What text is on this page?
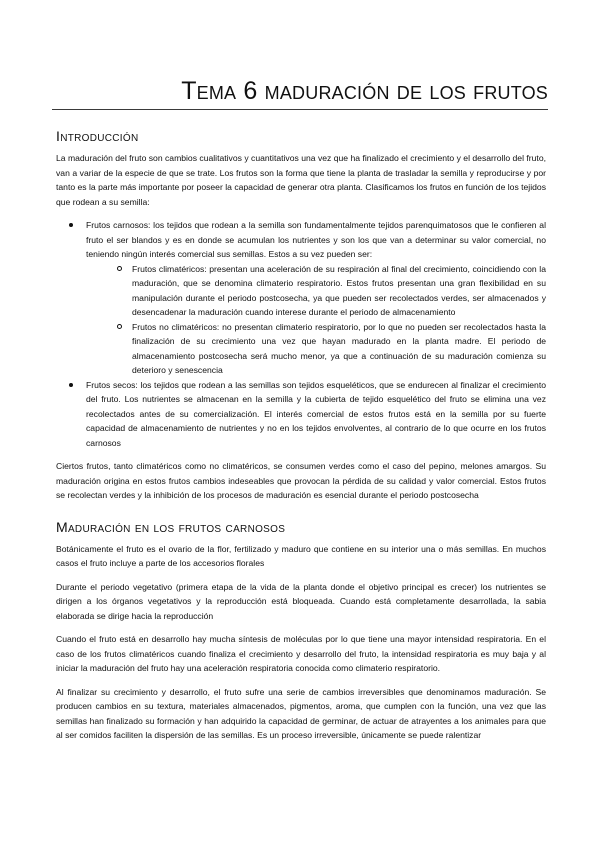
Tema 6 maduración de los frutos
Introducción

La maduración del fruto son cambios cualitativos y cuantitativos una vez que ha finalizado el crecimiento y el desarrollo del fruto, van a variar de la especie de que se trate. Los frutos son la forma que tiene la planta de trasladar la semilla y reproducirse y por tanto es la parte más importante por poseer la capacidad de generar otra planta. Clasificamos los frutos en función de los tejidos que rodean a su semilla:

Frutos carnosos: los tejidos que rodean a la semilla son fundamentalmente tejidos parenquimatosos que le confieren al fruto el ser blandos y es en donde se acumulan los nutrientes y son los que van a determinar su valor comercial, no teniendo ningún interés comercial sus semillas. Estos a su vez pueden ser:
Frutos climatéricos: presentan una aceleración de su respiración al final del crecimiento, coincidiendo con la maduración, que se denomina climaterio respiratorio. Estos frutos presentan una gran flexibilidad en su manipulación durante el periodo postcosecha, ya que pueden ser recolectados verdes, ser almacenados y desencadenar la maduración cuando interese durante el periodo de almacenamiento
Frutos no climatéricos: no presentan climaterio respiratorio, por lo que no pueden ser recolectados hasta la finalización de su crecimiento una vez que hayan madurado en la planta madre. El periodo de almacenamiento postcosecha será mucho menor, ya que a continuación de su maduración comienza su deterioro y senescencia
Frutos secos: los tejidos que rodean a las semillas son tejidos esqueléticos, que se endurecen al finalizar el crecimiento del fruto. Los nutrientes se almacenan en la semilla y la cubierta de tejido esquelético del fruto se elimina una vez recolectados antes de su comercialización. El interés comercial de estos frutos está en la semilla por su fuerte capacidad de almacenamiento de nutrientes y no en los tejidos envolventes, al contrario de lo que ocurre en los frutos carnosos

Ciertos frutos, tanto climatéricos como no climatéricos, se consumen verdes como el caso del pepino, melones amargos. Su maduración origina en estos frutos cambios indeseables que provocan la pérdida de su calidad y valor comercial. Estos frutos se recolectan verdes y la inhibición de los procesos de maduración es esencial durante el periodo postcosecha

Maduración en los frutos carnosos

Botánicamente el fruto es el ovario de la flor, fertilizado y maduro que contiene en su interior una o más semillas. En muchos casos el fruto incluye a parte de los accesorios florales

Durante el periodo vegetativo (primera etapa de la vida de la planta donde el objetivo principal es crecer) los nutrientes se dirigen a los órganos vegetativos y la reproducción está bloqueada. Cuando está completamente desarrollada, la sabia elaborada se dirige hacia la reproducción

Cuando el fruto está en desarrollo hay mucha síntesis de moléculas por lo que tiene una mayor intensidad respiratoria. En el caso de los frutos climatéricos cuando finaliza el crecimiento y desarrollo del fruto, la intensidad respiratoria es muy baja y al iniciar la maduración del fruto hay una aceleración respiratoria conocida como climaterio respiratorio.

Al finalizar su crecimiento y desarrollo, el fruto sufre una serie de cambios irreversibles que denominamos maduración. Se producen cambios en su textura, materiales almacenados, pigmentos, aroma, que cumplen con la función, una vez que las semillas han finalizado su formación y han adquirido la capacidad de germinar, de actuar de atrayentes a los animales para que al ser comidos faciliten la dispersión de las semillas. Es un proceso irreversible, únicamente se puede ralentizar
